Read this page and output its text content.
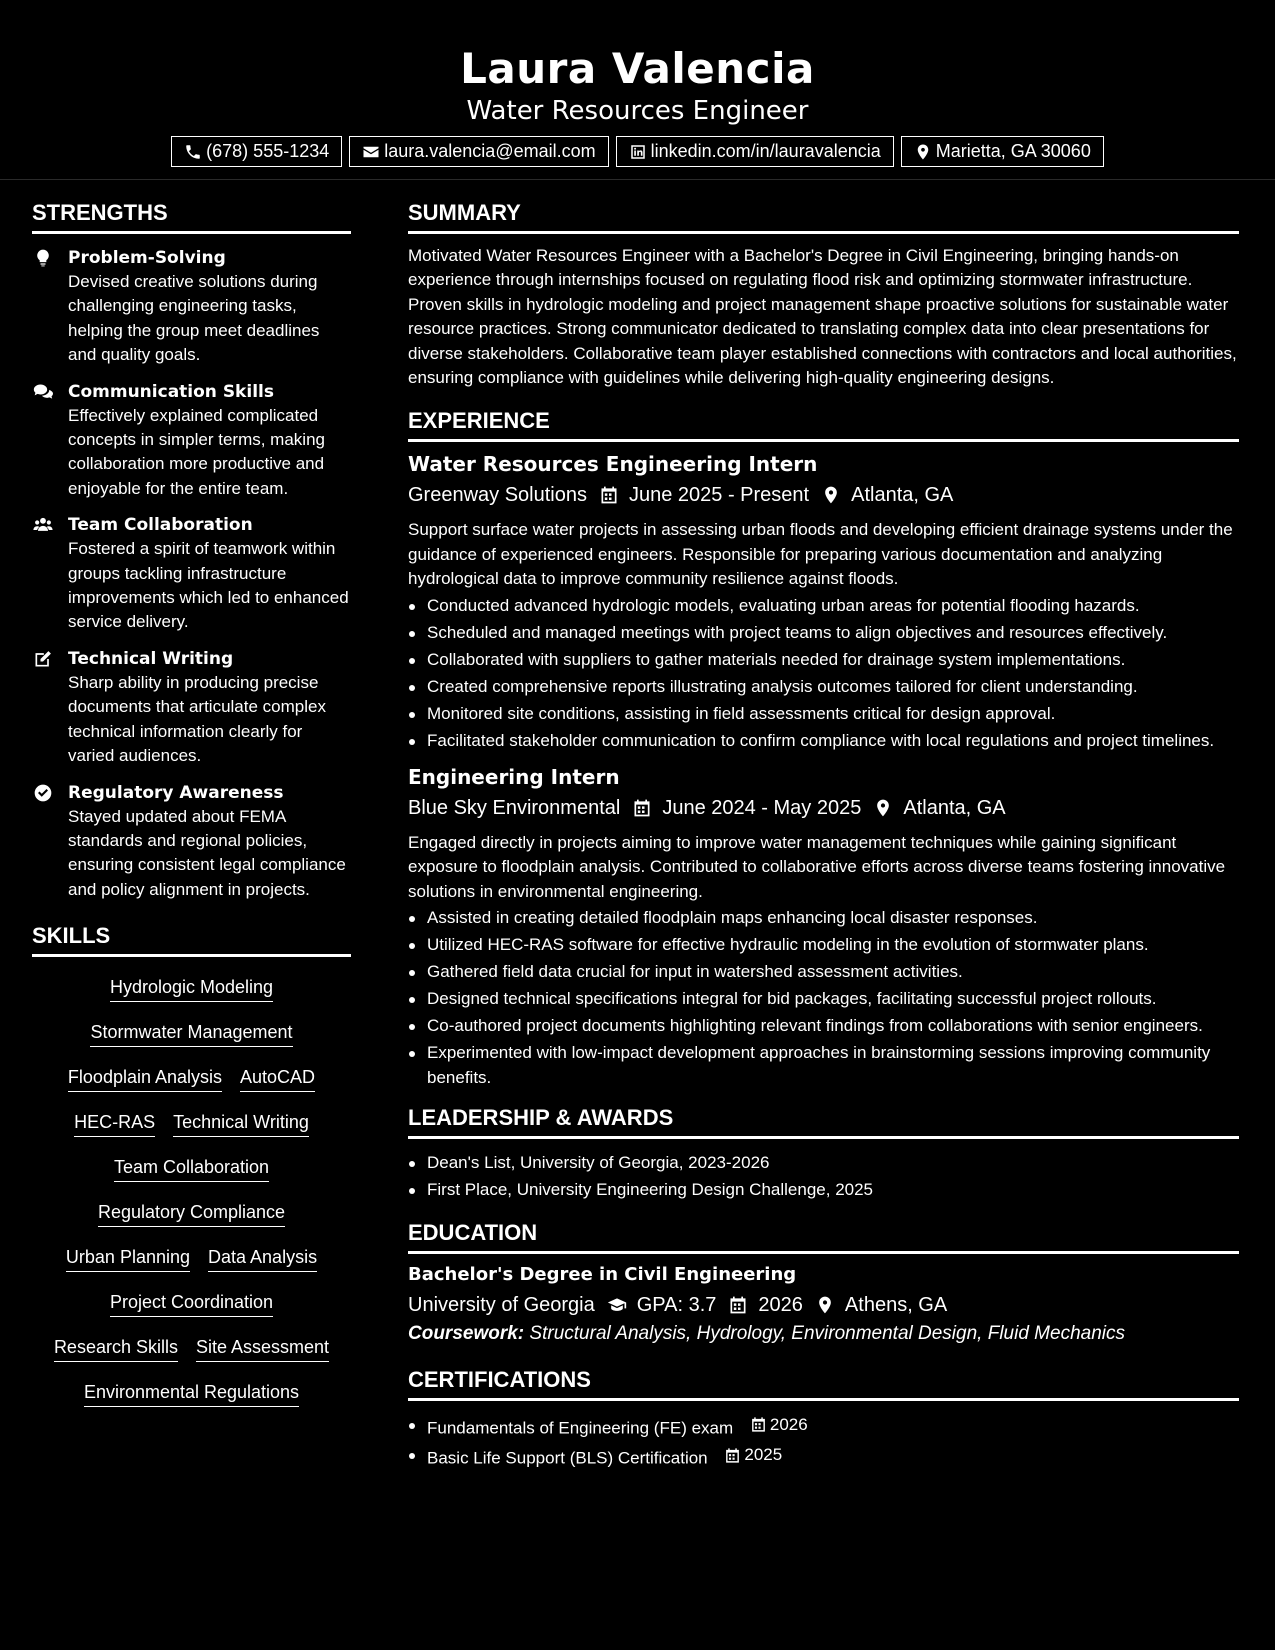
Laura Valencia
Water Resources Engineer
(678) 555-1234	laura.valencia@email.com	linkedin.com/in/lauravalencia	Marietta, GA 30060
STRENGTHS
Problem-Solving
Devised creative solutions during challenging engineering tasks, helping the group meet deadlines and quality goals.
Communication Skills
Effectively explained complicated concepts in simpler terms, making collaboration more productive and enjoyable for the entire team.
Team Collaboration
Fostered a spirit of teamwork within groups tackling infrastructure improvements which led to enhanced service delivery.
Technical Writing
Sharp ability in producing precise documents that articulate complex technical information clearly for varied audiences.
Regulatory Awareness
Stayed updated about FEMA standards and regional policies, ensuring consistent legal compliance and policy alignment in projects.
SKILLS
Hydrologic Modeling
Stormwater Management
Floodplain Analysis AutoCAD
HEC-RAS Technical Writing
Team Collaboration
Regulatory Compliance
Urban Planning Data Analysis
Project Coordination
Research Skills Site Assessment
Environmental Regulations
SUMMARY
Motivated Water Resources Engineer with a Bachelor's Degree in Civil Engineering, bringing hands-on experience through internships focused on regulating flood risk and optimizing stormwater infrastructure. Proven skills in hydrologic modeling and project management shape proactive solutions for sustainable water resource practices. Strong communicator dedicated to translating complex data into clear presentations for diverse stakeholders. Collaborative team player established connections with contractors and local authorities, ensuring compliance with guidelines while delivering high-quality engineering designs.
EXPERIENCE
Water Resources Engineering Intern
Greenway Solutions June 2025 - Present Atlanta, GA
Support surface water projects in assessing urban floods and developing efficient drainage systems under the guidance of experienced engineers. Responsible for preparing various documentation and analyzing hydrological data to improve community resilience against floods.
Conducted advanced hydrologic models, evaluating urban areas for potential flooding hazards.
Scheduled and managed meetings with project teams to align objectives and resources effectively.
Collaborated with suppliers to gather materials needed for drainage system implementations.
Created comprehensive reports illustrating analysis outcomes tailored for client understanding.
Monitored site conditions, assisting in field assessments critical for design approval.
Facilitated stakeholder communication to confirm compliance with local regulations and project timelines.
Engineering Intern
Blue Sky Environmental June 2024 - May 2025 Atlanta, GA
Engaged directly in projects aiming to improve water management techniques while gaining significant exposure to floodplain analysis. Contributed to collaborative efforts across diverse teams fostering innovative solutions in environmental engineering.
Assisted in creating detailed floodplain maps enhancing local disaster responses.
Utilized HEC-RAS software for effective hydraulic modeling in the evolution of stormwater plans.
Gathered field data crucial for input in watershed assessment activities.
Designed technical specifications integral for bid packages, facilitating successful project rollouts.
Co-authored project documents highlighting relevant findings from collaborations with senior engineers.
Experimented with low-impact development approaches in brainstorming sessions improving community benefits.
LEADERSHIP & AWARDS
Dean's List, University of Georgia, 2023-2026
First Place, University Engineering Design Challenge, 2025
EDUCATION
Bachelor's Degree in Civil Engineering
University of Georgia GPA: 3.7 2026 Athens, GA
Coursework: Structural Analysis, Hydrology, Environmental Design, Fluid Mechanics
CERTIFICATIONS
Fundamentals of Engineering (FE) exam 2026
Basic Life Support (BLS) Certification 2025
